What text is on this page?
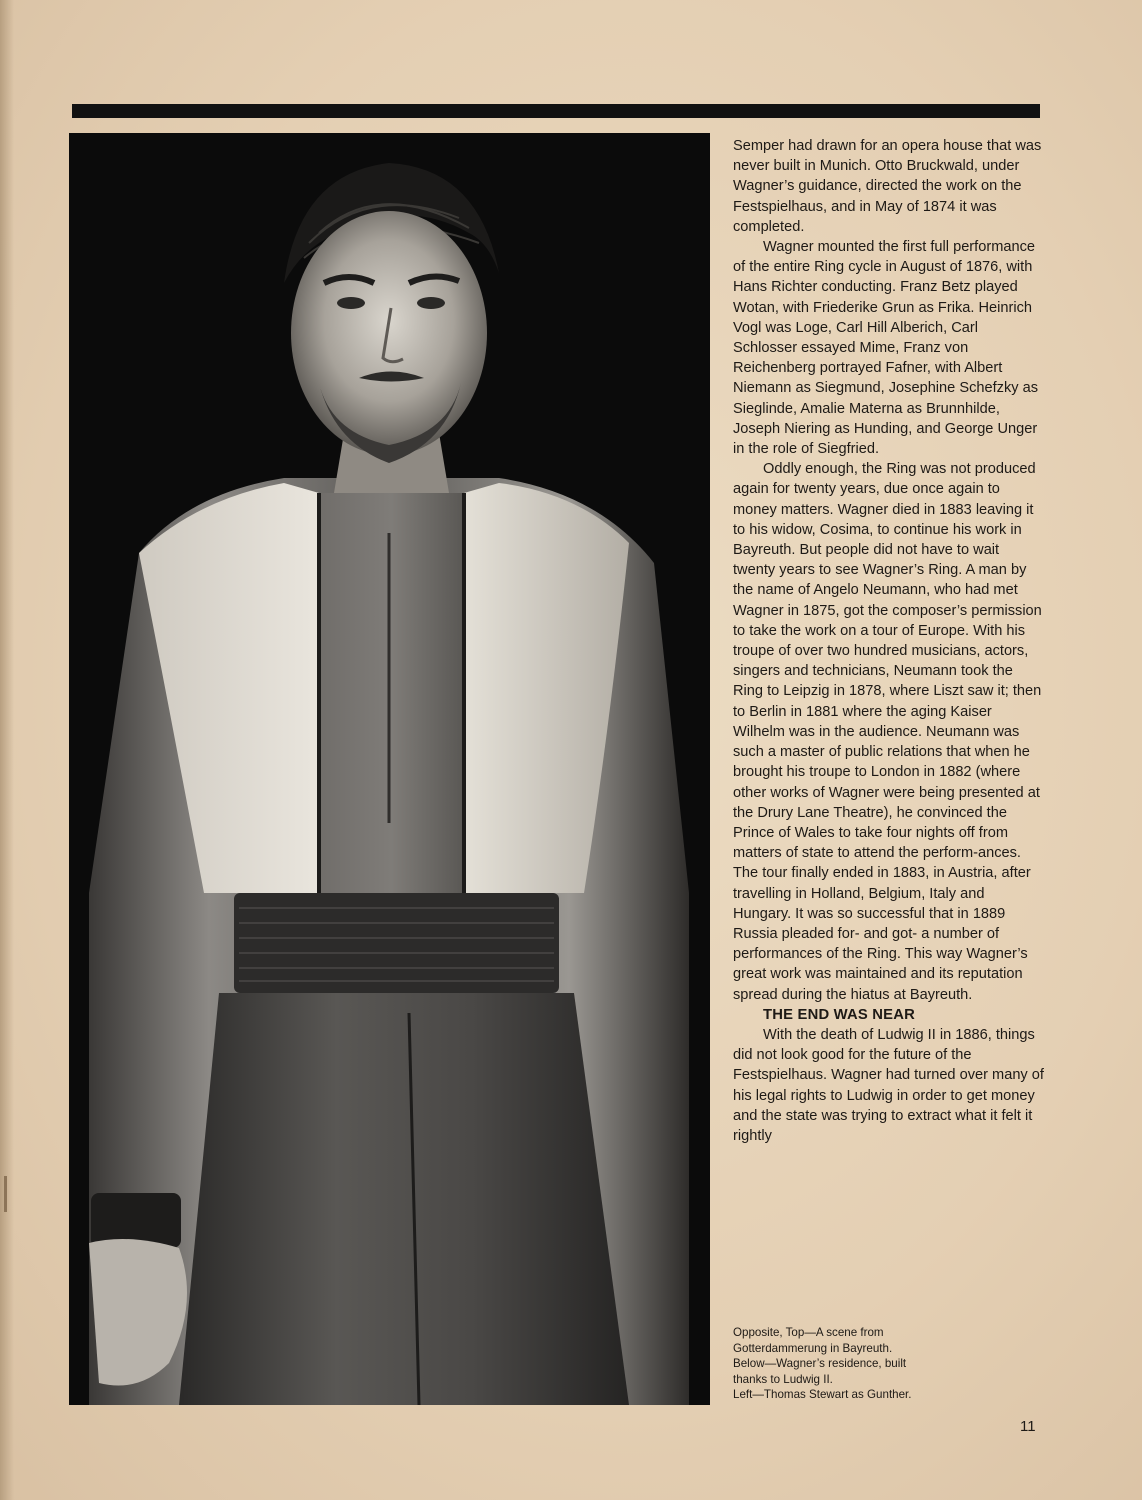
Semper had drawn for an opera house that was never built in Munich. Otto Bruckwald, under Wagner’s guidance, directed the work on the Festspielhaus, and in May of 1874 it was completed.

Wagner mounted the first full performance of the entire Ring cycle in August of 1876, with Hans Richter conducting. Franz Betz played Wotan, with Friederike Grun as Frika. Heinrich Vogl was Loge, Carl Hill Alberich, Carl Schlosser essayed Mime, Franz von Reichenberg portrayed Fafner, with Albert Niemann as Siegmund, Josephine Schefzky as Sieglinde, Amalie Materna as Brunnhilde, Joseph Niering as Hunding, and George Unger in the role of Siegfried.

Oddly enough, the Ring was not produced again for twenty years, due once again to money matters. Wagner died in 1883 leaving it to his widow, Cosima, to continue his work in Bayreuth. But people did not have to wait twenty years to see Wagner’s Ring. A man by the name of Angelo Neumann, who had met Wagner in 1875, got the composer’s permission to take the work on a tour of Europe. With his troupe of over two hundred musicians, actors, singers and technicians, Neumann took the Ring to Leipzig in 1878, where Liszt saw it; then to Berlin in 1881 where the aging Kaiser Wilhelm was in the audience. Neumann was such a master of public relations that when he brought his troupe to London in 1882 (where other works of Wagner were being presented at the Drury Lane Theatre), he convinced the Prince of Wales to take four nights off from matters of state to attend the perform-ances. The tour finally ended in 1883, in Austria, after travelling in Holland, Belgium, Italy and Hungary. It was so successful that in 1889 Russia pleaded for- and got- a number of performances of the Ring. This way Wagner’s great work was maintained and its reputation spread during the hiatus at Bayreuth.

THE END WAS NEAR

With the death of Ludwig II in 1886, things did not look good for the future of the Festspielhaus. Wagner had turned over many of his legal rights to Ludwig in order to get money and the state was trying to extract what it felt it rightly

Opposite, Top—A scene from
Gotterdammerung in Bayreuth.
Below—Wagner’s residence, built
thanks to Ludwig II.
Left—Thomas Stewart as Gunther.
11
